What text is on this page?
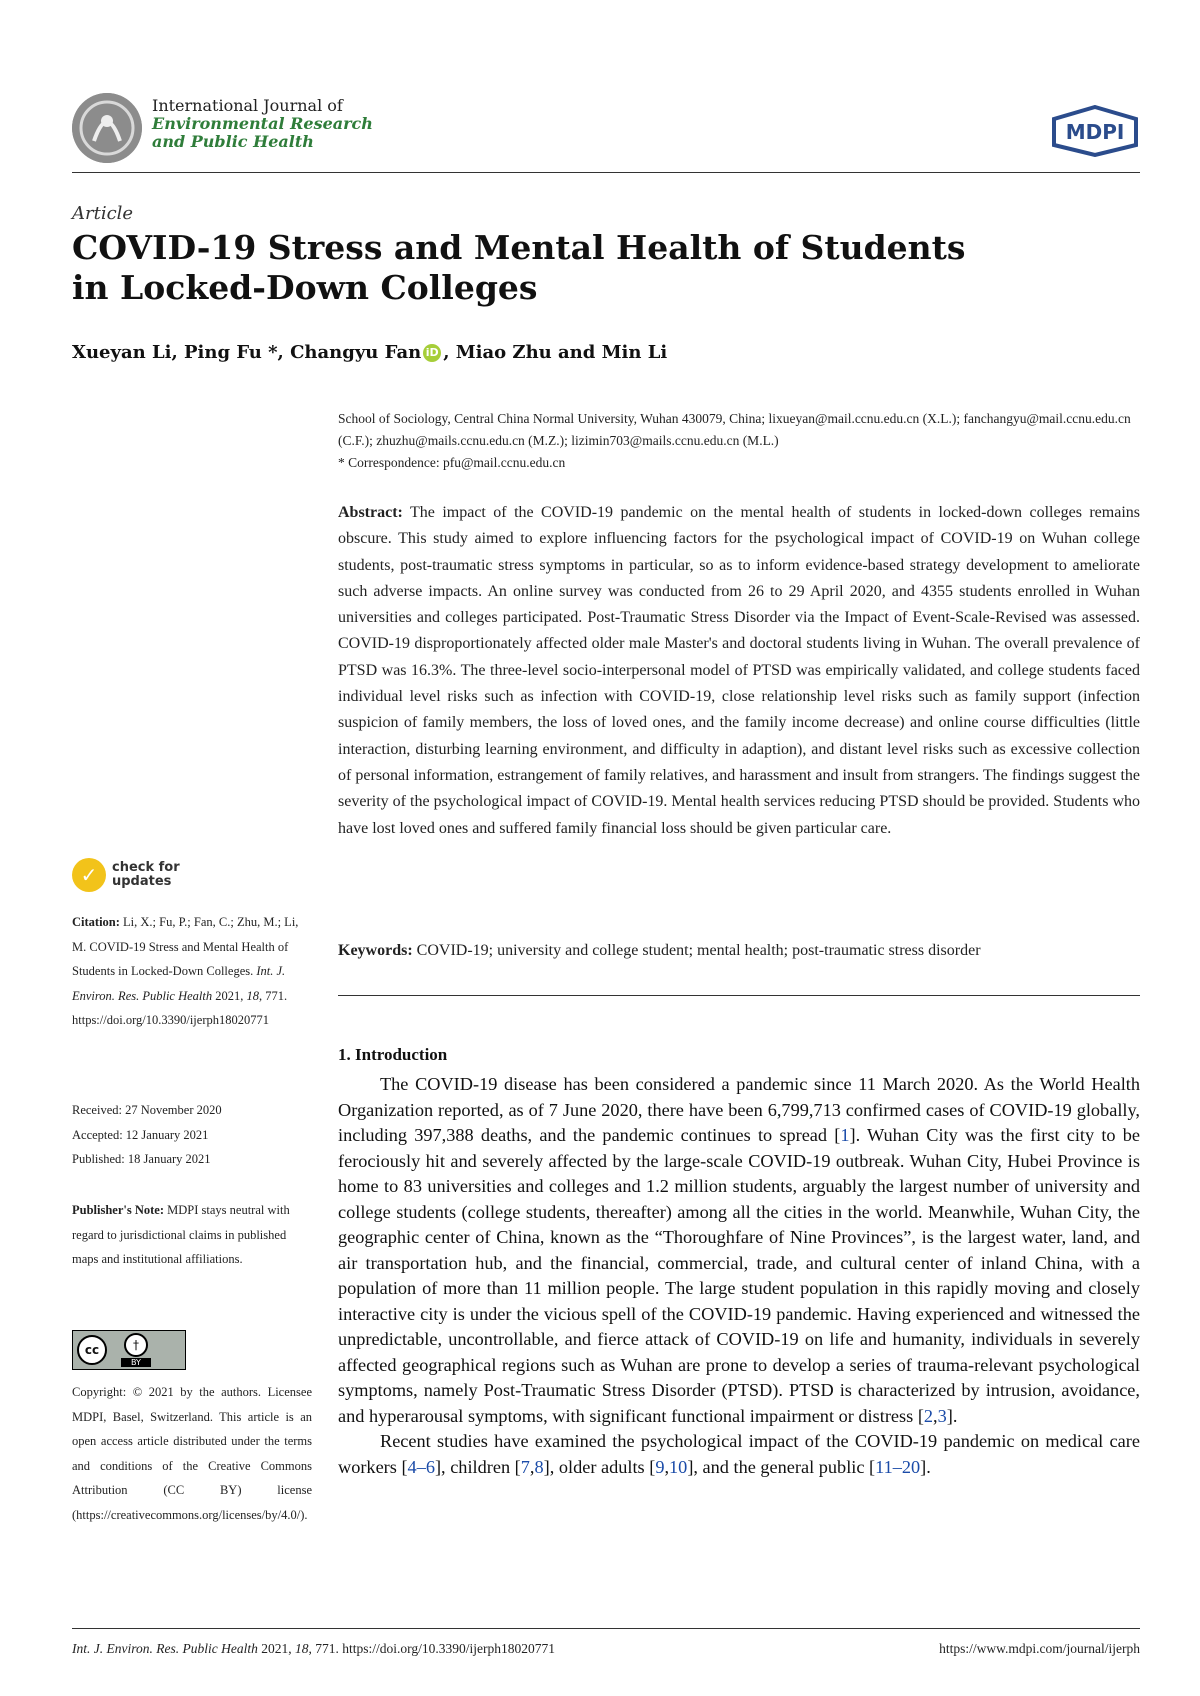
International Journal of
Environmental Research
and Public Health	MDPI
Article
COVID-19 Stress and Mental Health of Students in Locked-Down Colleges
Xueyan Li, Ping Fu *, Changyu Fan iD , Miao Zhu and Min Li
School of Sociology, Central China Normal University, Wuhan 430079, China; lixueyan@mail.ccnu.edu.cn (X.L.); fanchangyu@mail.ccnu.edu.cn (C.F.); zhuzhu@mails.ccnu.edu.cn (M.Z.); lizimin703@mails.ccnu.edu.cn (M.L.)
* Correspondence: pfu@mail.ccnu.edu.cn
Abstract: The impact of the COVID-19 pandemic on the mental health of students in locked-down colleges remains obscure. This study aimed to explore influencing factors for the psychological impact of COVID-19 on Wuhan college students, post-traumatic stress symptoms in particular, so as to inform evidence-based strategy development to ameliorate such adverse impacts. An online survey was conducted from 26 to 29 April 2020, and 4355 students enrolled in Wuhan universities and colleges participated. Post-Traumatic Stress Disorder via the Impact of Event-Scale-Revised was assessed. COVID-19 disproportionately affected older male Master's and doctoral students living in Wuhan. The overall prevalence of PTSD was 16.3%. The three-level socio-interpersonal model of PTSD was empirically validated, and college students faced individual level risks such as infection with COVID-19, close relationship level risks such as family support (infection suspicion of family members, the loss of loved ones, and the family income decrease) and online course difficulties (little interaction, disturbing learning environment, and difficulty in adaption), and distant level risks such as excessive collection of personal information, estrangement of family relatives, and harassment and insult from strangers. The findings suggest the severity of the psychological impact of COVID-19. Mental health services reducing PTSD should be provided. Students who have lost loved ones and suffered family financial loss should be given particular care.
Keywords: COVID-19; university and college student; mental health; post-traumatic stress disorder
1. Introduction

The COVID-19 disease has been considered a pandemic since 11 March 2020. As the World Health Organization reported, as of 7 June 2020, there have been 6,799,713 confirmed cases of COVID-19 globally, including 397,388 deaths, and the pandemic continues to spread [1]. Wuhan City was the first city to be ferociously hit and severely affected by the large-scale COVID-19 outbreak. Wuhan City, Hubei Province is home to 83 universities and colleges and 1.2 million students, arguably the largest number of university and college students (college students, thereafter) among all the cities in the world. Meanwhile, Wuhan City, the geographic center of China, known as the “Thoroughfare of Nine Provinces”, is the largest water, land, and air transportation hub, and the financial, commercial, trade, and cultural center of inland China, with a population of more than 11 million people. The large student population in this rapidly moving and closely interactive city is under the vicious spell of the COVID-19 pandemic. Having experienced and witnessed the unpredictable, uncontrollable, and fierce attack of COVID-19 on life and humanity, individuals in severely affected geographical regions such as Wuhan are prone to develop a series of trauma-relevant psychological symptoms, namely Post-Traumatic Stress Disorder (PTSD). PTSD is characterized by intrusion, avoidance, and hyperarousal symptoms, with significant functional impairment or distress [2,3].

Recent studies have examined the psychological impact of the COVID-19 pandemic on medical care workers [4–6], children [7,8], older adults [9,10], and the general public [11–20].

✓	check for
updates
Citation: Li, X.; Fu, P.; Fan, C.; Zhu, M.; Li, M. COVID-19 Stress and Mental Health of Students in Locked-Down Colleges. Int. J. Environ. Res. Public Health 2021, 18, 771. https://doi.org/10.3390/ijerph18020771
Received: 27 November 2020
Accepted: 12 January 2021
Published: 18 January 2021
Publisher's Note: MDPI stays neutral with regard to jurisdictional claims in published maps and institutional affiliations.
cc	†
BY
Copyright: © 2021 by the authors. Licensee MDPI, Basel, Switzerland. This article is an open access article distributed under the terms and conditions of the Creative Commons Attribution (CC BY) license (https://creativecommons.org/licenses/by/4.0/).
Int. J. Environ. Res. Public Health 2021, 18, 771. https://doi.org/10.3390/ijerph18020771	https://www.mdpi.com/journal/ijerph
